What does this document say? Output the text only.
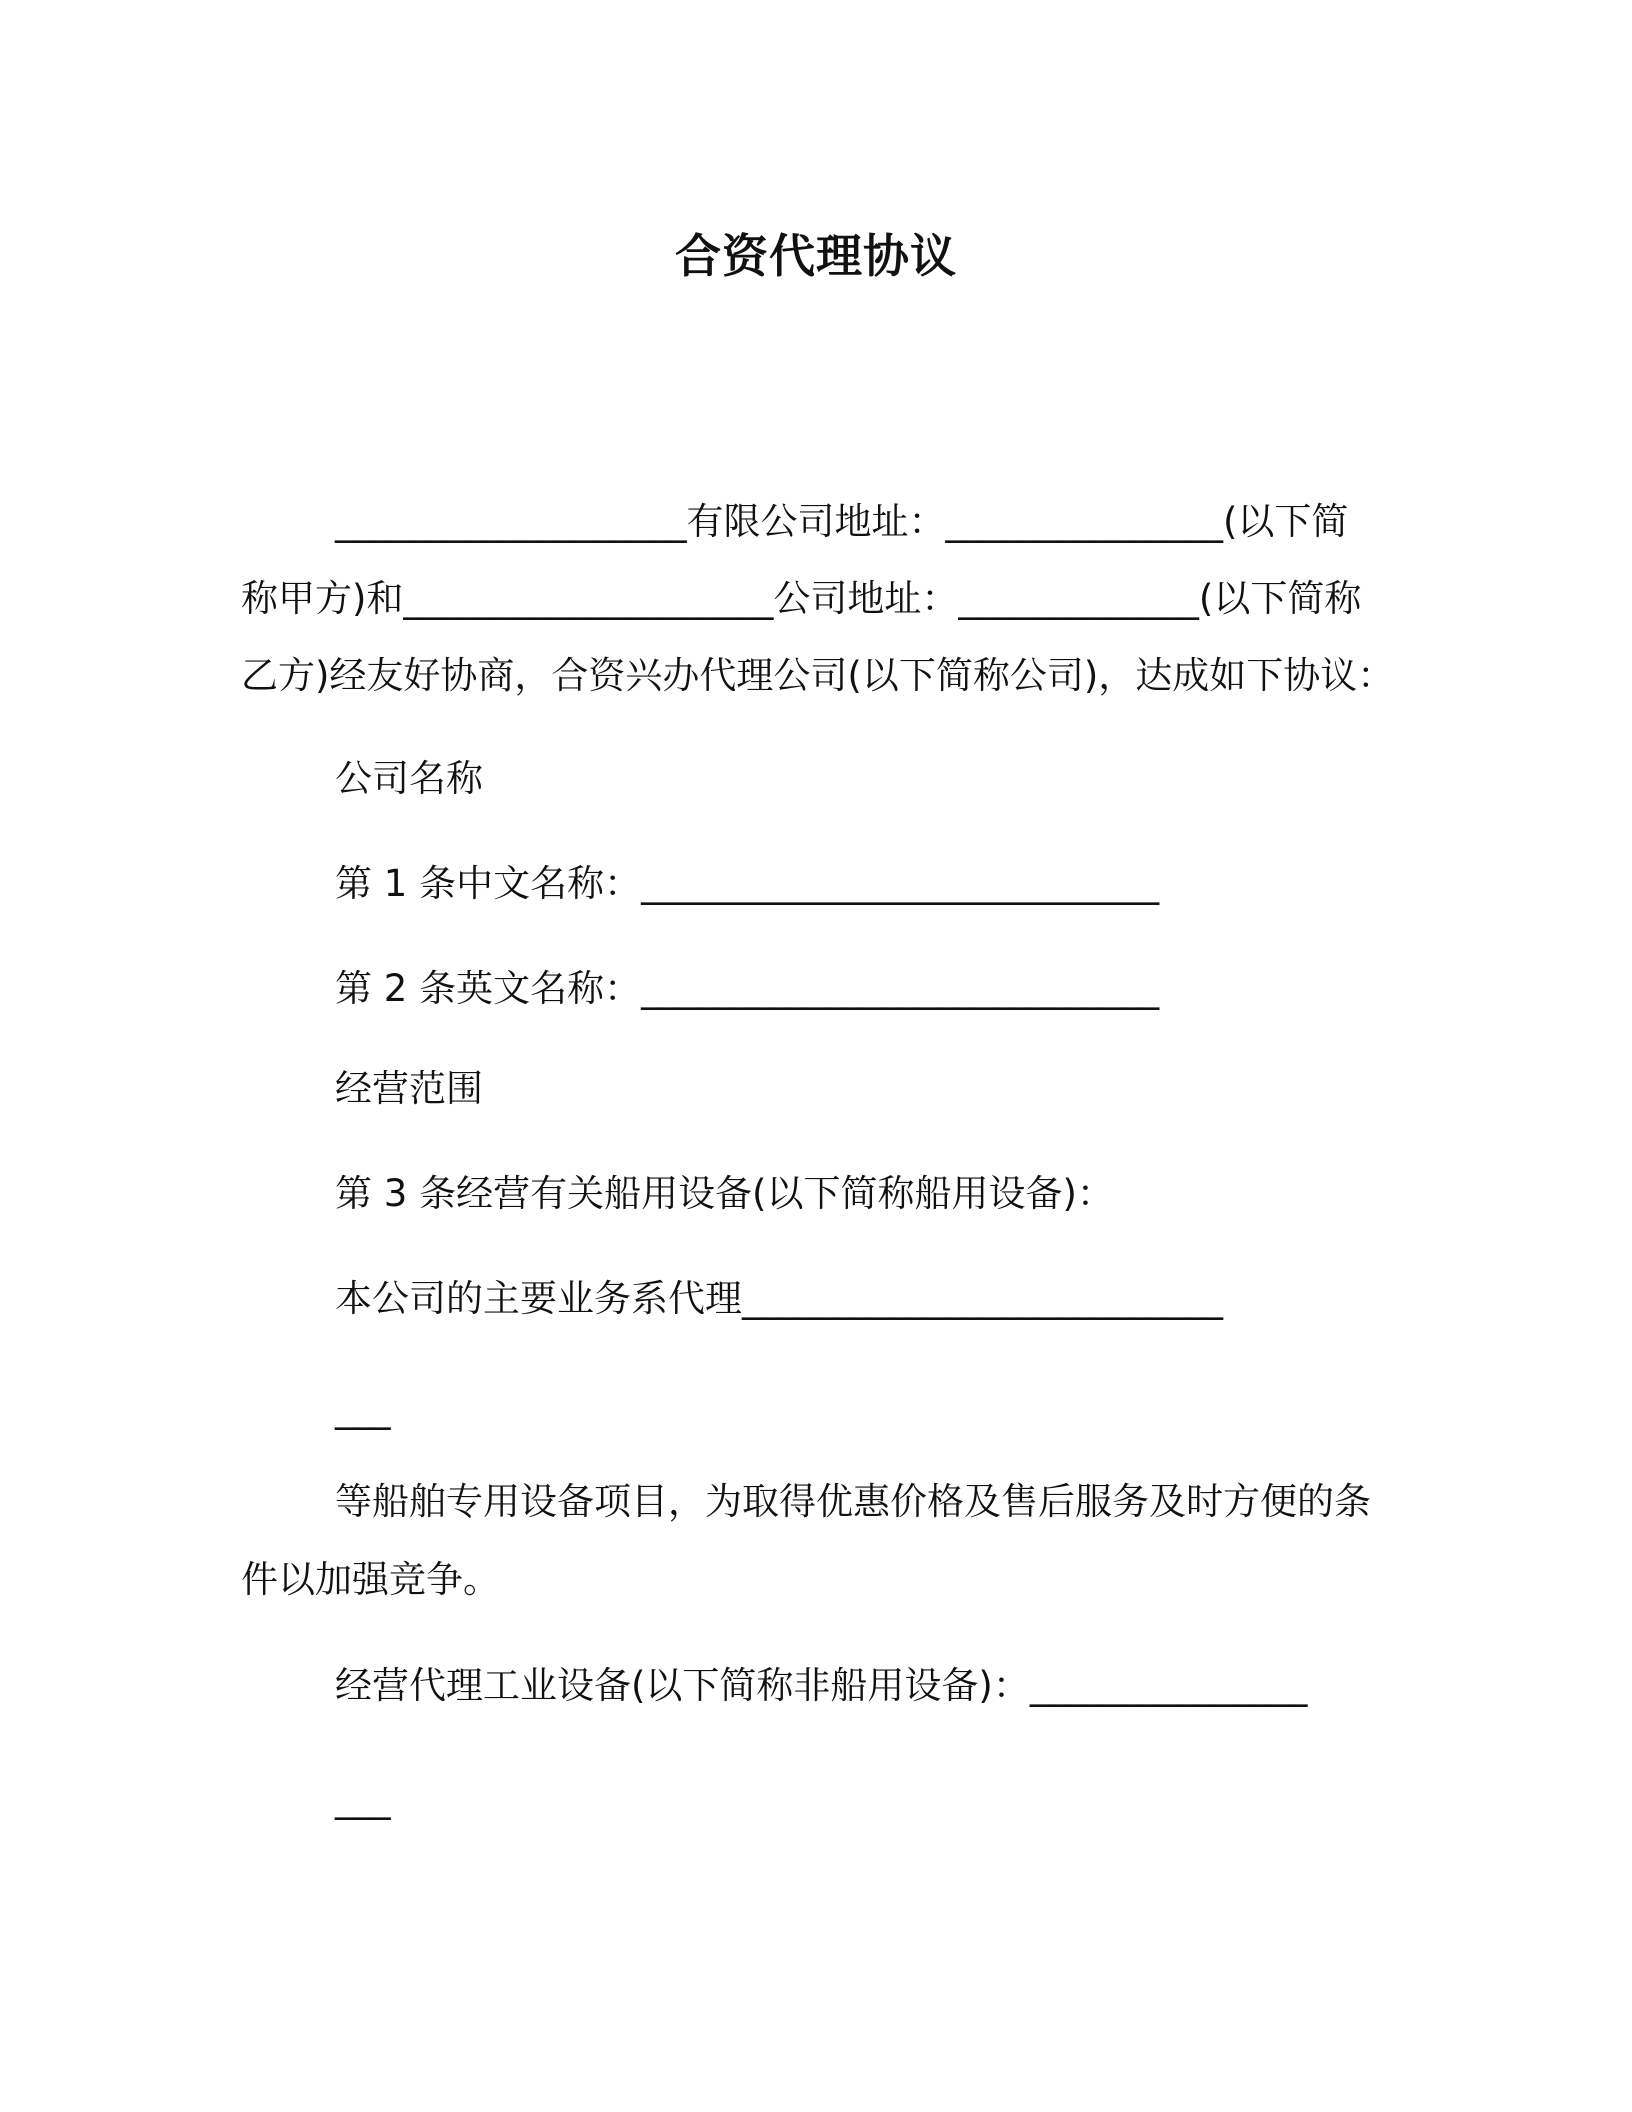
合资代理协议
___________________有限公司地址：_______________(以下简
称甲方)和____________________公司地址：_____________(以下简称
乙方)经友好协商，合资兴办代理公司(以下简称公司)，达成如下协议：
公司名称
第 1 条中文名称：____________________________
第 2 条英文名称：____________________________
经营范围
第 3 条经营有关船用设备(以下简称船用设备)：
本公司的主要业务系代理__________________________
___
等船舶专用设备项目，为取得优惠价格及售后服务及时方便的条
件以加强竞争。
经营代理工业设备(以下简称非船用设备)：_______________
___
